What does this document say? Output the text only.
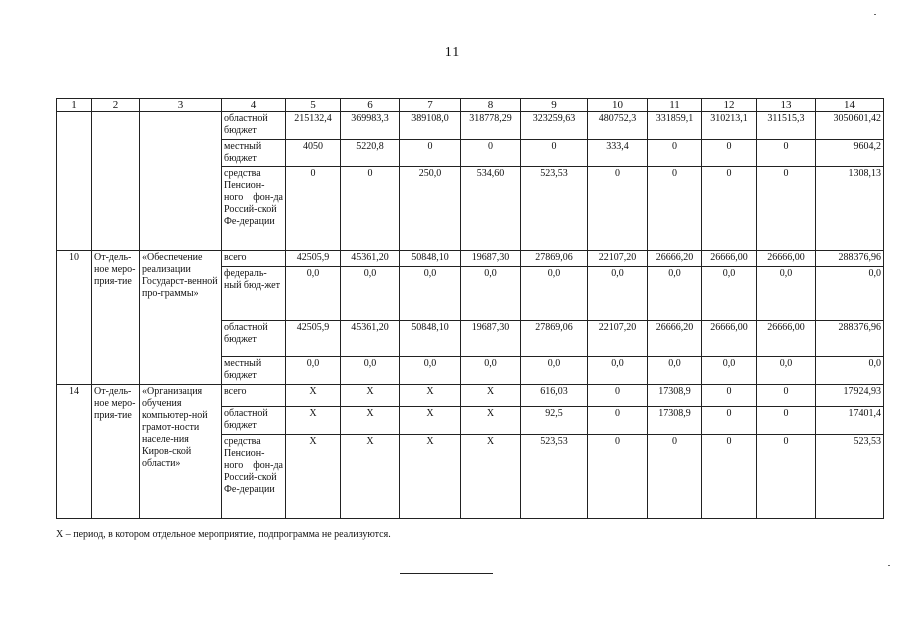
11
1	2	3	4	5	6	7	8	9	10	11	12	13	14
			областной бюджет	215132,4	369983,3	389108,0	318778,29	323259,63	480752,3	331859,1	310213,1	311515,3	3050601,42
			местный бюджет	4050	5220,8	0	0	0	333,4	0	0	0	9604,2
			средства Пенсион-ного фон-да Россий-ской Фе-дерации	0	0	250,0	534,60	523,53	0	0	0	0	1308,13
10	От-дель-ное меро-прия-тие	«Обеспечение реализации Государст-венной про-граммы»	всего	42505,9	45361,20	50848,10	19687,30	27869,06	22107,20	26666,20	26666,00	26666,00	288376,96
			федераль-ный бюд-жет	0,0	0,0	0,0	0,0	0,0	0,0	0,0	0,0	0,0	0,0
			областной бюджет	42505,9	45361,20	50848,10	19687,30	27869,06	22107,20	26666,20	26666,00	26666,00	288376,96
			местный бюджет	0,0	0,0	0,0	0,0	0,0	0,0	0,0	0,0	0,0	0,0
14	От-дель-ное меро-прия-тие	«Организация обучения компьютер-ной грамот-ности населе-ния Киров-ской области»	всего	X	X	X	X	616,03	0	17308,9	0	0	17924,93
			областной бюджет	X	X	X	X	92,5	0	17308,9	0	0	17401,4
			средства Пенсион-ного фон-да Россий-ской Фе-дерации	X	X	X	X	523,53	0	0	0	0	523,53
X – период, в котором отдельное мероприятие, подпрограмма не реализуются.
